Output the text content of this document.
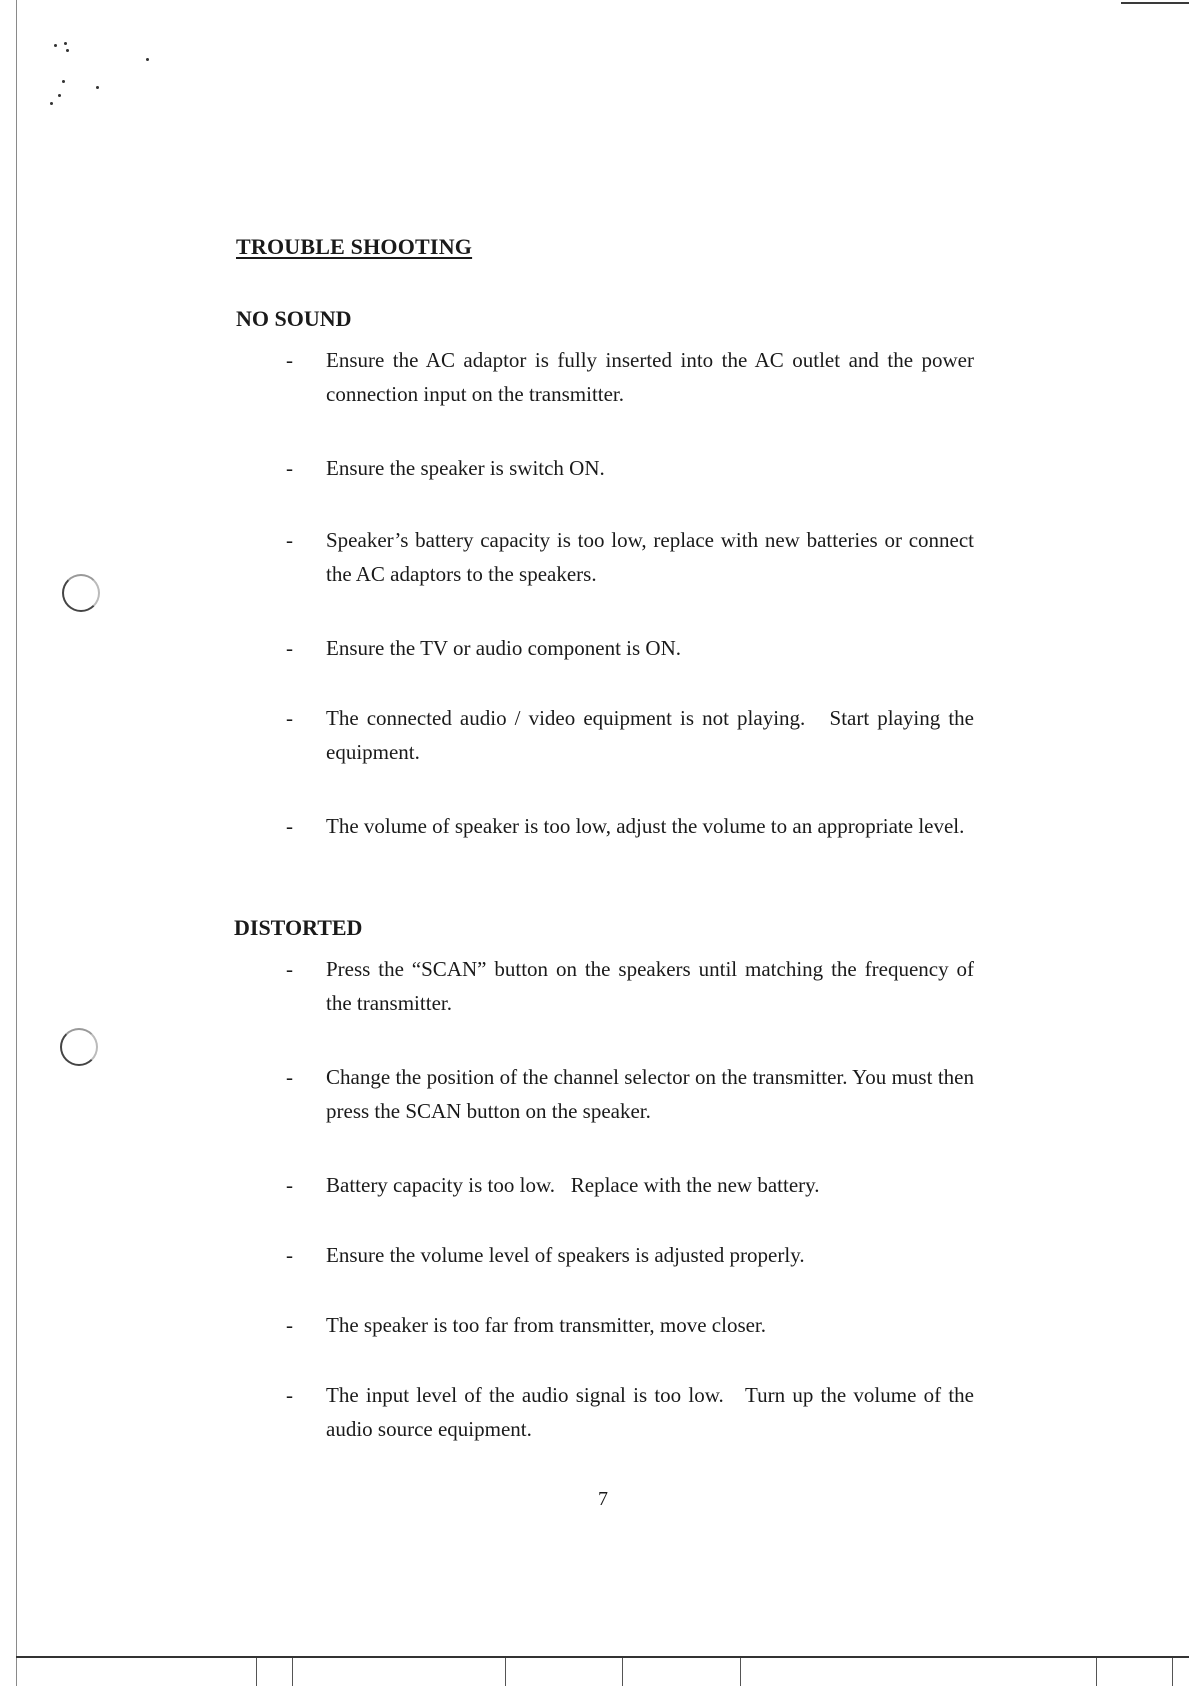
TROUBLE SHOOTING
NO SOUND
-	Ensure the AC adaptor is fully inserted into the AC outlet and the power connection input on the transmitter.
-	Ensure the speaker is switch ON.
-	Speaker’s battery capacity is too low, replace with new batteries or connect the AC adaptors to the speakers.
-	Ensure the TV or audio component is ON.
-	The connected audio / video equipment is not playing.   Start playing the equipment.
-	The volume of speaker is too low, adjust the volume to an appropriate level.
DISTORTED
-	Press the “SCAN” button on the speakers until matching the frequency of the transmitter.
-	Change the position of the channel selector on the transmitter. You must then press the SCAN button on the speaker.
-	Battery capacity is too low.   Replace with the new battery.
-	Ensure the volume level of speakers is adjusted properly.
-	The speaker is too far from transmitter, move closer.
-	The input level of the audio signal is too low.   Turn up the volume of the audio source equipment.
7
